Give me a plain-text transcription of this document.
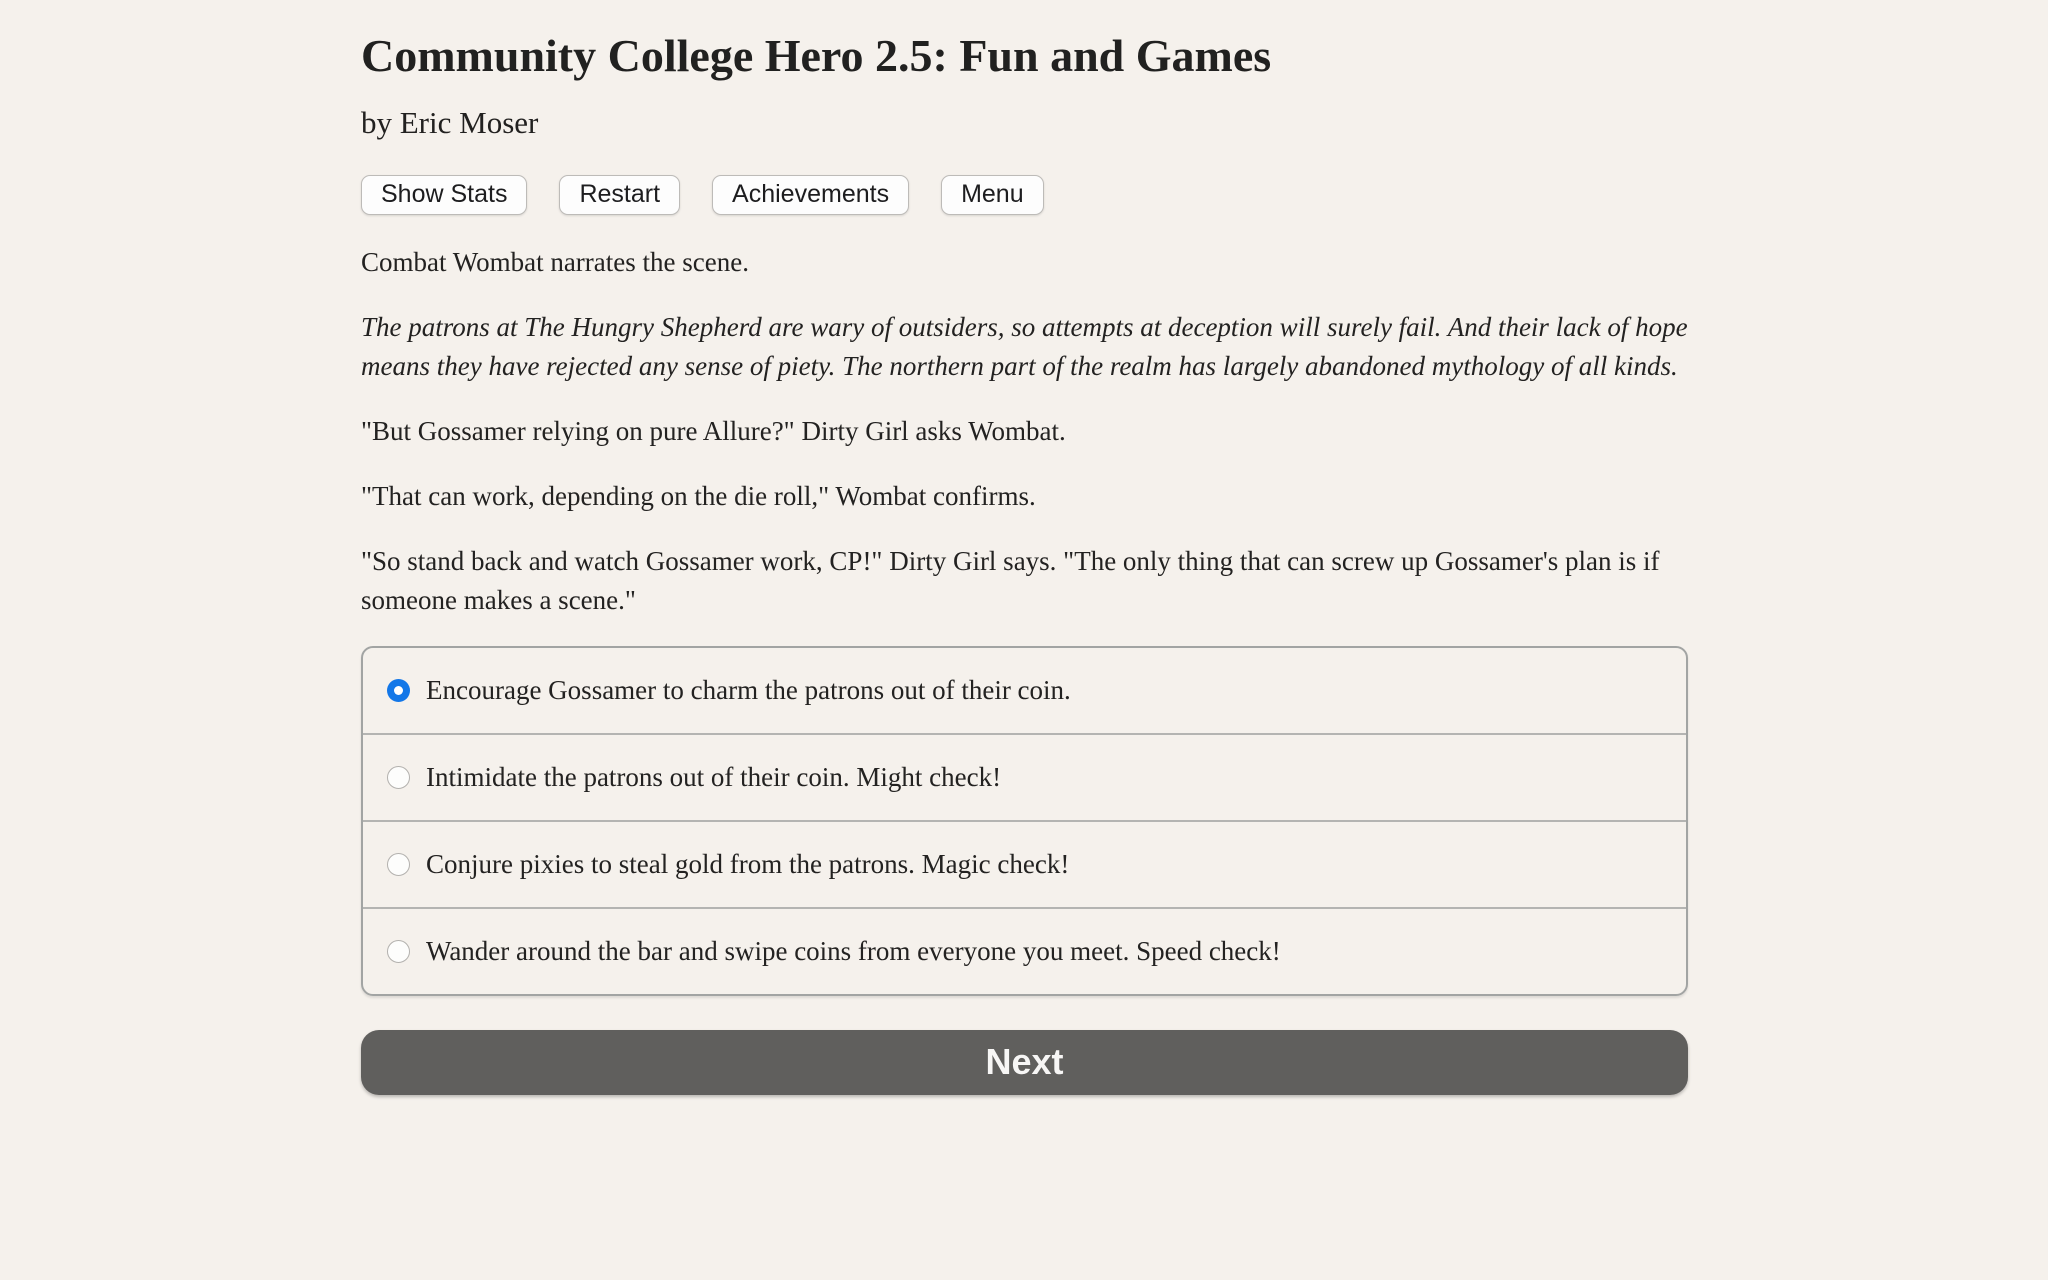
Community College Hero 2.5: Fun and Games
by Eric Moser
Show Stats	Restart	Achievements	Menu

Combat Wombat narrates the scene.

The patrons at The Hungry Shepherd are wary of outsiders, so attempts at deception will surely fail. And their lack of hope means they have rejected any sense of piety. The northern part of the realm has largely abandoned mythology of all kinds.

"But Gossamer relying on pure Allure?" Dirty Girl asks Wombat.

"That can work, depending on the die roll," Wombat confirms.

"So stand back and watch Gossamer work, CP!" Dirty Girl says. "The only thing that can screw up Gossamer's plan is if someone makes a scene."

Encourage Gossamer to charm the patrons out of their coin.
Intimidate the patrons out of their coin. Might check!
Conjure pixies to steal gold from the patrons. Magic check!
Wander around the bar and swipe coins from everyone you meet. Speed check!
Next
